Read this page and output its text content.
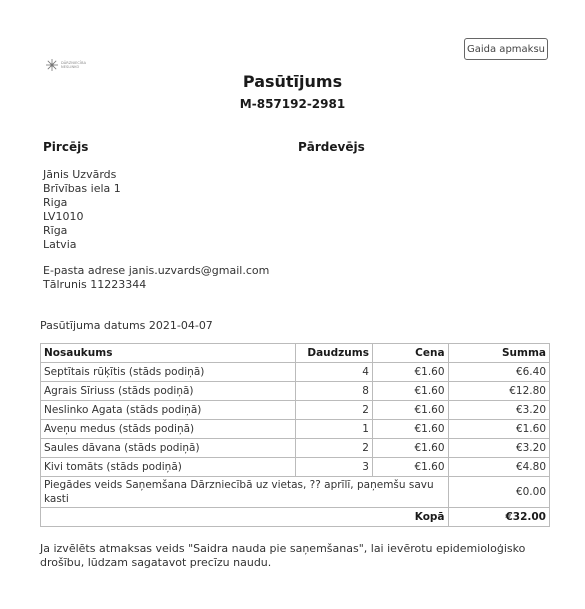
Gaida apmaksu
DĀRZNIECĪBA
NESLINKO
Pasūtījums
M-857192-2981
Pircējs	Pārdevējs
Jānis Uzvārds
Brīvības iela 1
Riga
LV1010
Rīga
Latvia
E-pasta adrese janis.uzvards@gmail.com
Tālrunis 11223344
Pasūtījuma datums 2021-04-07
Nosaukums	Daudzums	Cena	Summa
Septītais rūķītis (stāds podiņā)	4	€1.60	€6.40
Agrais Sīriuss (stāds podiņā)	8	€1.60	€12.80
Neslinko Agata (stāds podiņā)	2	€1.60	€3.20
Aveņu medus (stāds podiņā)	1	€1.60	€1.60
Saules dāvana (stāds podiņā)	2	€1.60	€3.20
Kivi tomāts (stāds podiņā)	3	€1.60	€4.80
Piegādes veids Saņemšana Dārzniecībā uz vietas, ?? aprīlī, paņemšu savu kasti			€0.00
Kopā			€32.00
Ja izvēlēts atmaksas veids "Saidra nauda pie saņemšanas", lai ievērotu epidemioloģisko drošību, lūdzam sagatavot precīzu naudu.
